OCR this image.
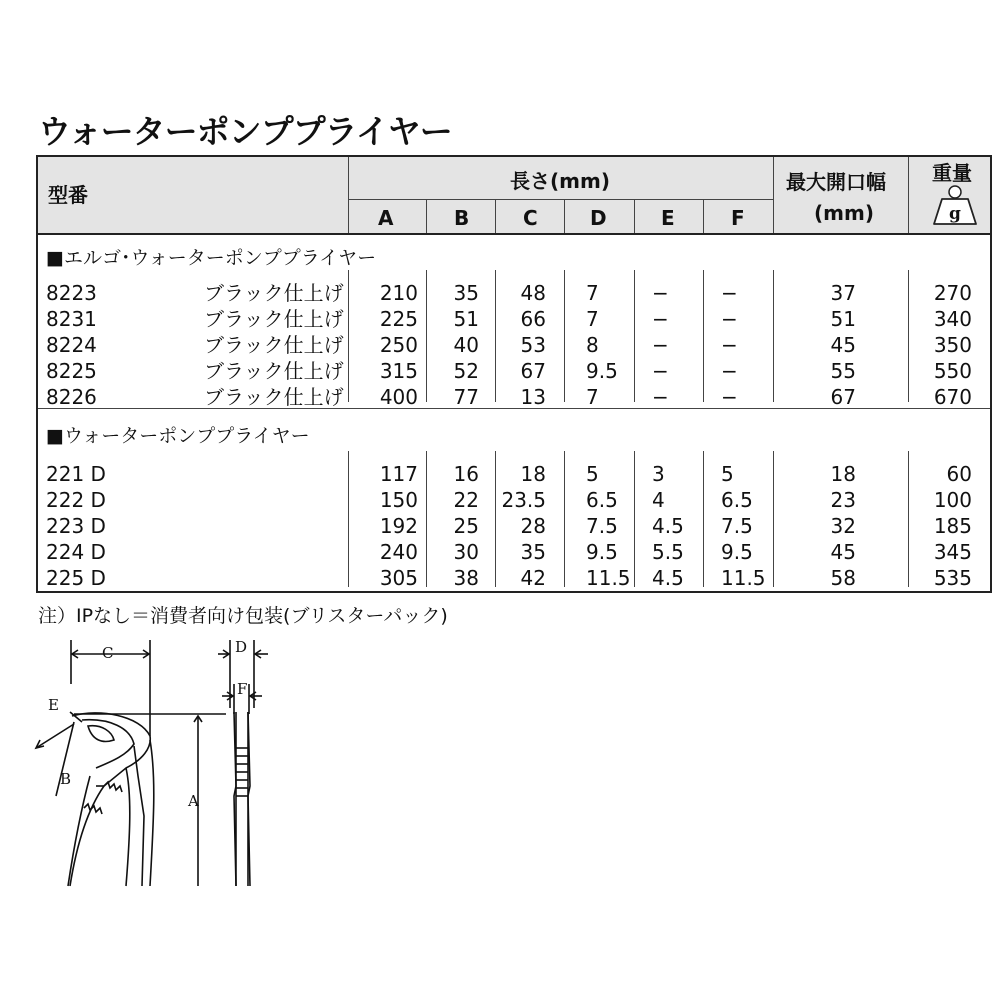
ウォーターポンププライヤー
型番
長さ(mm)
A	B	C	D	E	F
最大開口幅
(mm)
重量
g
■エルゴ･ウォーターポンププライヤー
■ウォーターポンププライヤー
8223	ブラック仕上げ 210 35 48 7	−	−	37	270
8231	ブラック仕上げ 225 51 66 7	−	−	51	340
8224	ブラック仕上げ 250 40 53 8	−	−	45	350
8225	ブラック仕上げ 315 52 67 9.5 −	−	55	550
8226	ブラック仕上げ 400 77 13 7	−	−	67	670
221 D	117 16 18 5	3	5	18	60
222 D	150 22 23.5 6.5 4	6.5	23	100
223 D	192 25 28 7.5 4.5 7.5	32	185
224 D	240 30 35 9.5 5.5 9.5	45	345
225 D	305 38 42 11.5 4.5 11.5	58	535
注）IPなし＝消費者向け包装(ブリスターパック)
C	D
F
E
B
A
